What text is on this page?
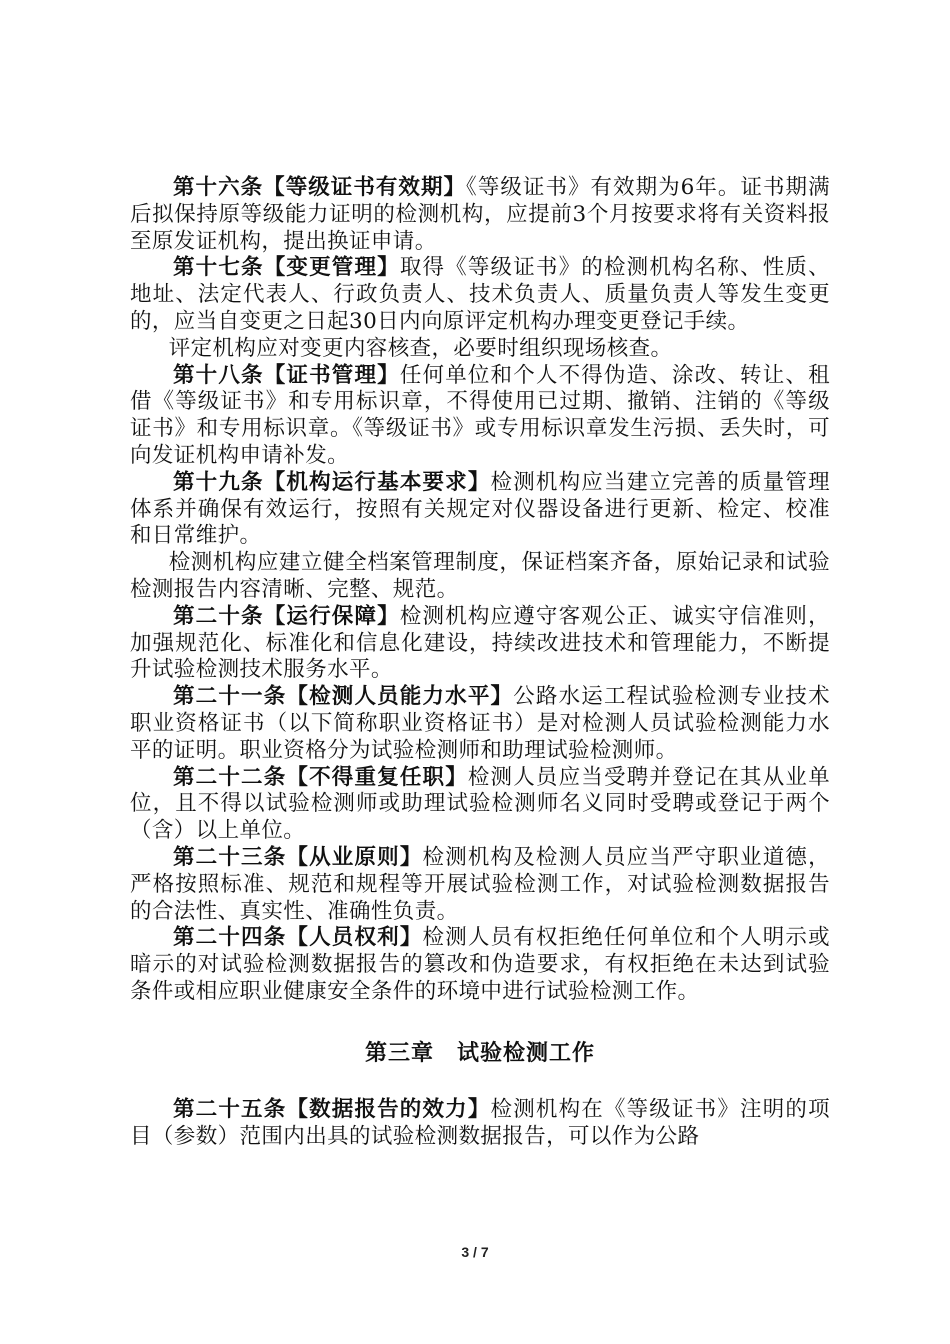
第十六条【等级证书有效期】《等级证书》有效期为6年。证书期满后拟保持原等级能力证明的检测机构，应提前3个月按要求将有关资料报至原发证机构，提出换证申请。

第十七条【变更管理】取得《等级证书》的检测机构名称、性质、地址、法定代表人、行政负责人、技术负责人、质量负责人等发生变更的，应当自变更之日起30日内向原评定机构办理变更登记手续。

评定机构应对变更内容核查，必要时组织现场核查。

第十八条【证书管理】任何单位和个人不得伪造、涂改、转让、租借《等级证书》和专用标识章，不得使用已过期、撤销、注销的《等级证书》和专用标识章。《等级证书》或专用标识章发生污损、丢失时，可向发证机构申请补发。

第十九条【机构运行基本要求】检测机构应当建立完善的质量管理体系并确保有效运行，按照有关规定对仪器设备进行更新、检定、校准和日常维护。

检测机构应建立健全档案管理制度，保证档案齐备，原始记录和试验检测报告内容清晰、完整、规范。

第二十条【运行保障】检测机构应遵守客观公正、诚实守信准则，加强规范化、标准化和信息化建设，持续改进技术和管理能力，不断提升试验检测技术服务水平。

第二十一条【检测人员能力水平】公路水运工程试验检测专业技术职业资格证书（以下简称职业资格证书）是对检测人员试验检测能力水平的证明。职业资格分为试验检测师和助理试验检测师。

第二十二条【不得重复任职】检测人员应当受聘并登记在其从业单位，且不得以试验检测师或助理试验检测师名义同时受聘或登记于两个（含）以上单位。

第二十三条【从业原则】检测机构及检测人员应当严守职业道德，严格按照标准、规范和规程等开展试验检测工作，对试验检测数据报告的合法性、真实性、准确性负责。

第二十四条【人员权利】检测人员有权拒绝任何单位和个人明示或暗示的对试验检测数据报告的篡改和伪造要求，有权拒绝在未达到试验条件或相应职业健康安全条件的环境中进行试验检测工作。

第三章　试验检测工作

第二十五条【数据报告的效力】检测机构在《等级证书》注明的项目（参数）范围内出具的试验检测数据报告，可以作为公路

3 / 7
